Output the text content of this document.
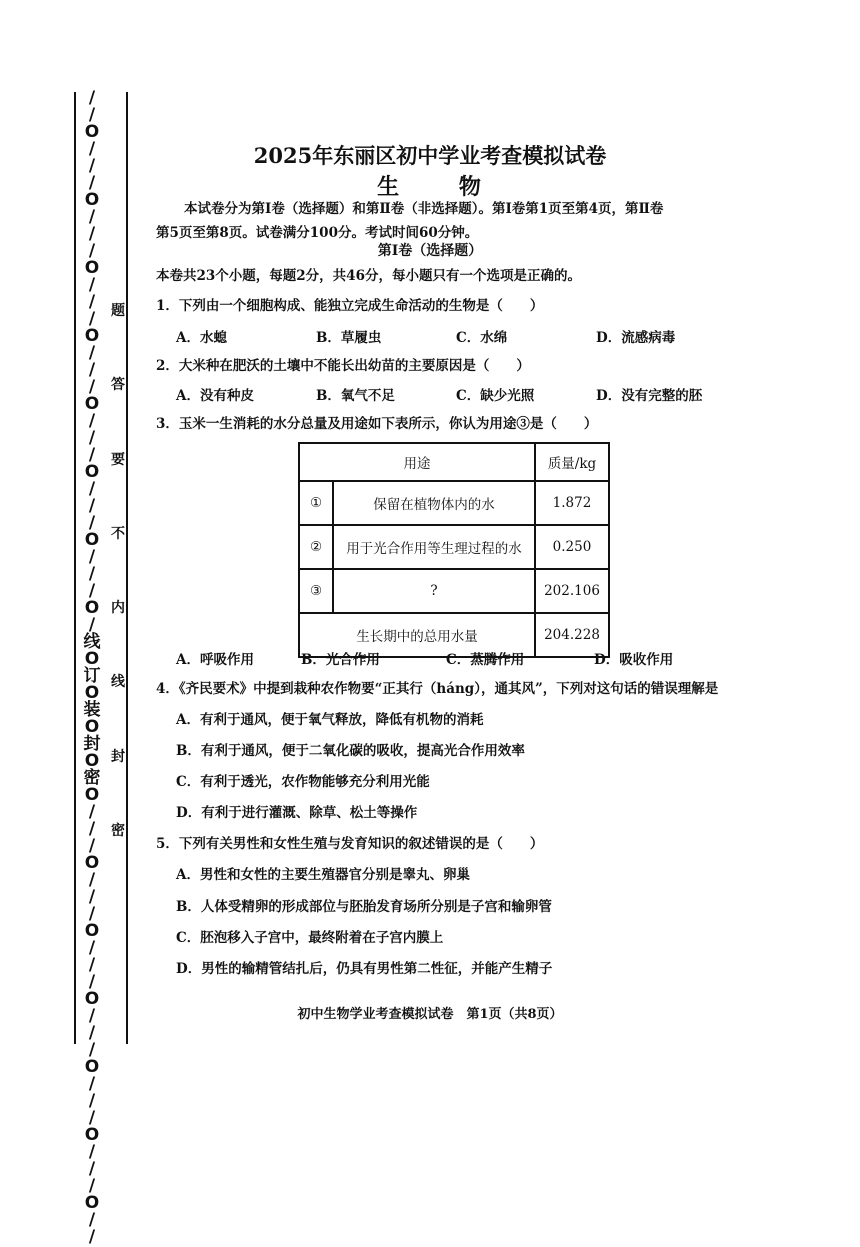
/
/
O
/
/
/
O
/
/
/
O
/
/
/
O
/
/
/
O
/
/
/
O
/
/
/
O
/
/
/
O
/
线
O
订
O
装
O
封
O
密
O
/
/
/
O
/
/
/
O
/
/
/
O
/
/
/
O
/
/
/
O
/
/
/
O
/
/
题
答
要
不
内
线
封
密
2025年东丽区初中学业考查模拟试卷
生 物
本试卷分为第Ⅰ卷（选择题）和第Ⅱ卷（非选择题）。第Ⅰ卷第1页至第4页，第Ⅱ卷
第5页至第8页。试卷满分100分。考试时间60分钟。
第Ⅰ卷（选择题）
本卷共23个小题，每题2分，共46分，每小题只有一个选项是正确的。
1．下列由一个细胞构成、能独立完成生命活动的生物是（　　）
A．水螅	B．草履虫	C．水绵	D．流感病毒
2．大米种在肥沃的土壤中不能长出幼苗的主要原因是（　　）
A．没有种皮	B．氧气不足	C．缺少光照	D．没有完整的胚
3．玉米一生消耗的水分总量及用途如下表所示，你认为用途③是（　　）
用途		质量/kg
①	保留在植物体内的水	1.872
②	用于光合作用等生理过程的水	0.250
③	?	202.106
生长期中的总用水量		204.228
A．呼吸作用	B．光合作用	C．蒸腾作用	D．吸收作用
4．《齐民要术》中提到栽种农作物要“正其行（háng），通其风”，下列对这句话的错误理解是
A．有利于通风，便于氧气释放，降低有机物的消耗
B．有利于通风，便于二氧化碳的吸收，提高光合作用效率
C．有利于透光，农作物能够充分利用光能
D．有利于进行灌溉、除草、松土等操作
5．下列有关男性和女性生殖与发育知识的叙述错误的是（　　）
A．男性和女性的主要生殖器官分别是睾丸、卵巢
B．人体受精卵的形成部位与胚胎发育场所分别是子宫和输卵管
C．胚泡移入子宫中，最终附着在子宫内膜上
D．男性的输精管结扎后，仍具有男性第二性征，并能产生精子
初中生物学业考查模拟试卷　第1页（共8页）
